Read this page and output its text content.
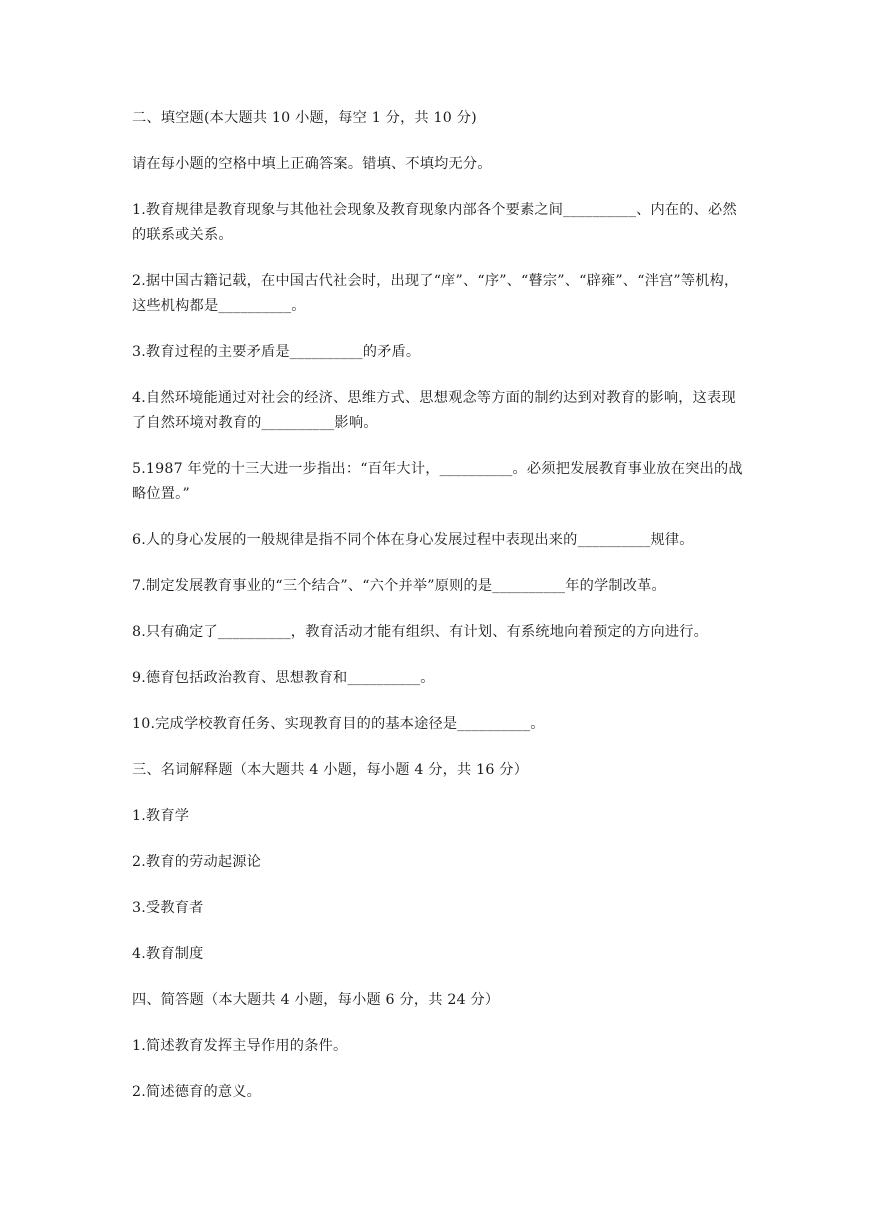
二、填空题(本大题共 10 小题，每空 1 分，共 10 分)

请在每小题的空格中填上正确答案。错填、不填均无分。

1.教育规律是教育现象与其他社会现象及教育现象内部各个要素之间__________、内在的、必然的联系或关系。

2.据中国古籍记载，在中国古代社会时，出现了“庠”、“序”、“瞽宗”、“辟雍”、“泮宫”等机构，这些机构都是__________。

3.教育过程的主要矛盾是__________的矛盾。

4.自然环境能通过对社会的经济、思维方式、思想观念等方面的制约达到对教育的影响，这表现了自然环境对教育的__________影响。

5.1987 年党的十三大进一步指出：“百年大计，__________。必须把发展教育事业放在突出的战略位置。”

6.人的身心发展的一般规律是指不同个体在身心发展过程中表现出来的__________规律。

7.制定发展教育事业的“三个结合”、“六个并举”原则的是__________年的学制改革。

8.只有确定了__________，教育活动才能有组织、有计划、有系统地向着预定的方向进行。

9.德育包括政治教育、思想教育和__________。

10.完成学校教育任务、实现教育目的的基本途径是__________。

三、名词解释题（本大题共 4 小题，每小题 4 分，共 16 分）

1.教育学

2.教育的劳动起源论

3.受教育者

4.教育制度

四、简答题（本大题共 4 小题，每小题 6 分，共 24 分）

1.简述教育发挥主导作用的条件。

2.简述德育的意义。
